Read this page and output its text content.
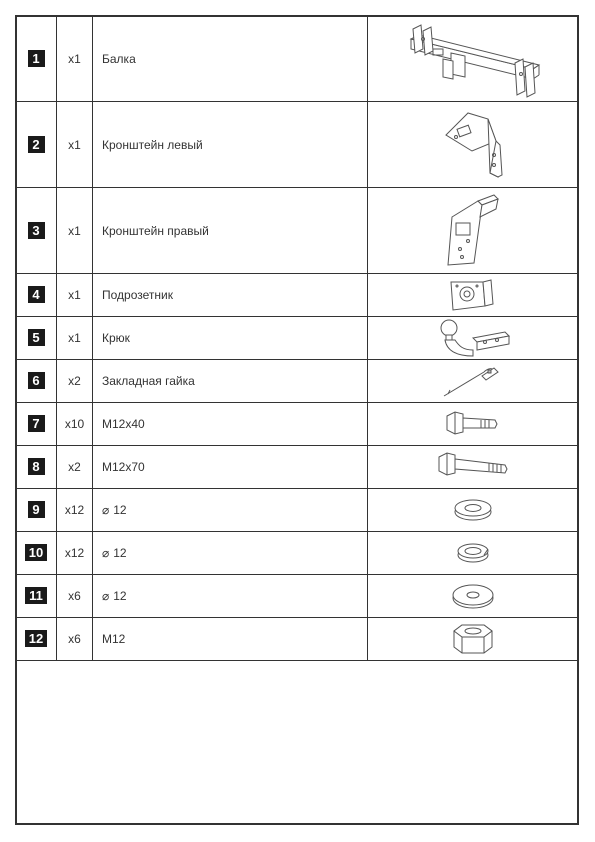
1	x1	Балка	

2	x1	Кронштейн левый	

3	x1	Кронштейн правый	

4	x1	Подрозетник	

5	x1	Крюк	

6	x2	Закладная гайка	

7	x10	M12x40	

8	x2	M12x70	

9	x12	⌀ 12	

10	x12	⌀ 12	

11	x6	⌀ 12	

12	x6	M12	
